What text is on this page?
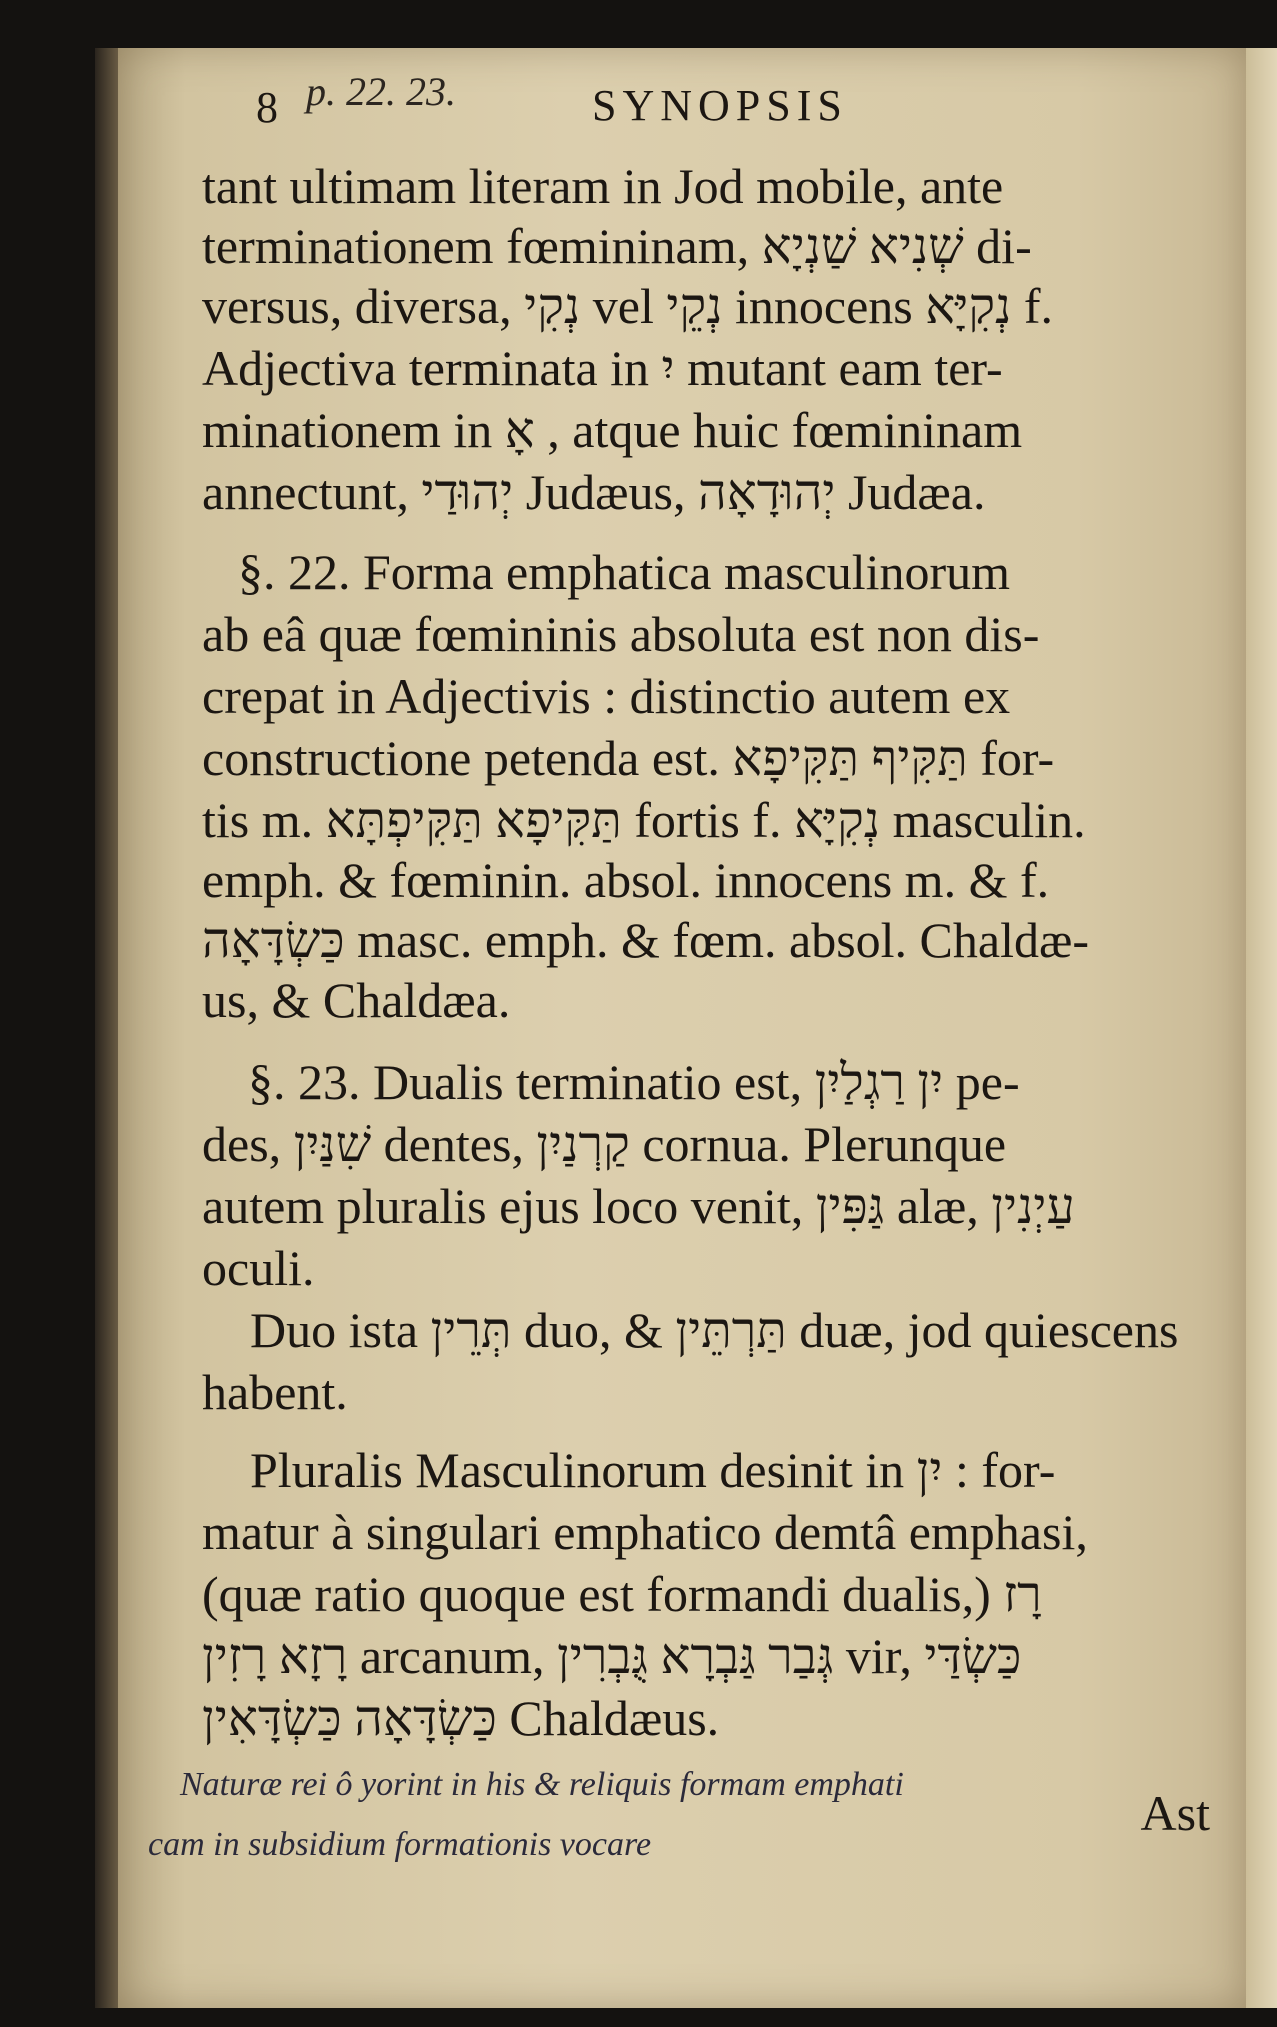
8 p. 22. 23.	SYNOPSIS
tant ultimam literam in Jod mobile, ante
terminationem fœmininam, שְׁנִיא שַׁנְיָא di-
versus, diversa, נְקִי vel נְקֵי innocens נְקִיָּא f.
Adjectiva terminata in יִ mutant eam ter-
minationem in אָ , atque huic fœmininam
annectunt, יְהוּדַי Judæus, יְהוּדָאָה Judæa.
§. 22. Forma emphatica masculinorum
ab eâ quæ fœmininis absoluta est non dis-
crepat in Adjectivis : distinctio autem ex
constructione petenda est. תַּקִּיף תַּקִּיפָא for-
tis m. תַּקִּיפָא תַּקִּיפְתָּא fortis f. נְקִיָּא masculin.
emph. & fœminin. absol. innocens m. & f.
כַּשְׂדָּאָה masc. emph. & fœm. absol. Chaldæ-
us, & Chaldæa.
§. 23. Dualis terminatio est, יִן רַגְלַיִן pe-
des, שִׁנַּיִן dentes, קַרְנַיִן cornua. Plerunque
autem pluralis ejus loco venit, גַּפִּין alæ, עַיְנִין
oculi.
Duo ista תְּרֵין duo, & תַּרְתֵּין duæ, jod quiescens
habent.
Pluralis Masculinorum desinit in יִן : for-
matur à singulari emphatico demtâ emphasi,
(quæ ratio quoque est formandi dualis,) רָז
רָזָא רָזִין arcanum, גְּבַר גַּבְרָא גֻּבְרִין vir, כַּשְׂדַּי
כַּשְׂדָּאָה כַּשְׂדָּאִין Chaldæus.
Naturæ rei ô yorint in his & reliquis formam emphati
cam in subsidium formationis vocare
Ast
